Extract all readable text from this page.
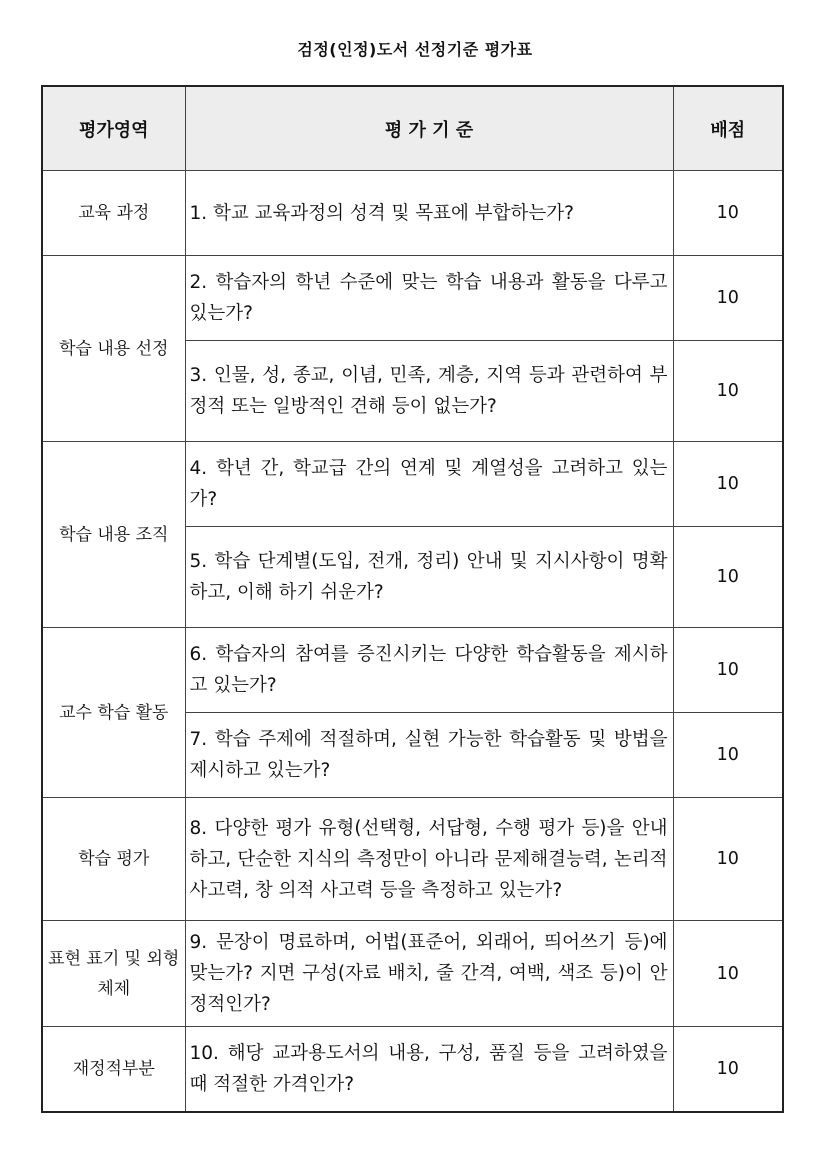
검정(인정)도서 선정기준 평가표
평가영역	평 가 기 준	배점
교육 과정	1. 학교 교육과정의 성격 및 목표에 부합하는가?	10
학습 내용 선정	2. 학습자의 학년 수준에 맞는 학습 내용과 활동을 다루고 있는가?	10
	3. 인물, 성, 종교, 이념, 민족, 계층, 지역 등과 관련하여 부정적 또는 일방적인 견해 등이 없는가?	10
학습 내용 조직	4. 학년 간, 학교급 간의 연계 및 계열성을 고려하고 있는가?	10
	5. 학습 단계별(도입, 전개, 정리) 안내 및 지시사항이 명확하고, 이해 하기 쉬운가?	10
교수 학습 활동	6. 학습자의 참여를 증진시키는 다양한 학습활동을 제시하고 있는가?	10
	7. 학습 주제에 적절하며, 실현 가능한 학습활동 및 방법을 제시하고 있는가?	10
학습 평가	8. 다양한 평가 유형(선택형, 서답형, 수행 평가 등)을 안내하고, 단순한 지식의 측정만이 아니라 문제해결능력, 논리적 사고력, 창 의적 사고력 등을 측정하고 있는가?	10
표현 표기 및 외형체제	9. 문장이 명료하며, 어법(표준어, 외래어, 띄어쓰기 등)에 맞는가? 지면 구성(자료 배치, 줄 간격, 여백, 색조 등)이 안정적인가?	10
재정적부분	10. 해당 교과용도서의 내용, 구성, 품질 등을 고려하였을 때 적절한 가격인가?	10
